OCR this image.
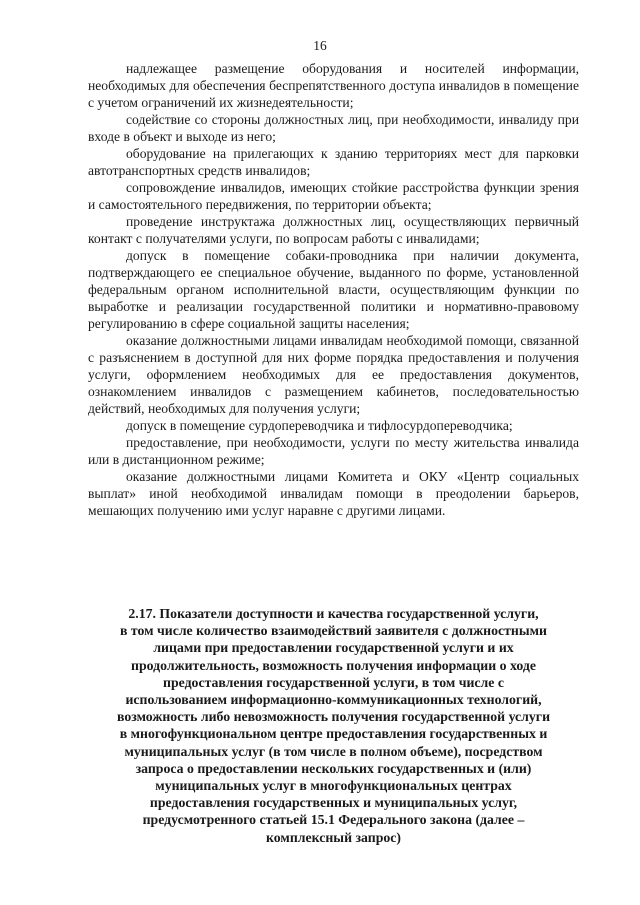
16

надлежащее размещение оборудования и носителей информации, необходимых для обеспечения беспрепятственного доступа инвалидов в помещение с учетом ограничений их жизнедеятельности;

содействие со стороны должностных лиц, при необходимости, инвалиду при входе в объект и выходе из него;

оборудование на прилегающих к зданию территориях мест для парковки автотранспортных средств инвалидов;

сопровождение инвалидов, имеющих стойкие расстройства функции зрения и самостоятельного передвижения, по территории объекта;

проведение инструктажа должностных лиц, осуществляющих первичный контакт с получателями услуги, по вопросам работы с инвалидами;

допуск в помещение собаки-проводника при наличии документа, подтверждающего ее специальное обучение, выданного по форме, установленной федеральным органом исполнительной власти, осуществляющим функции по выработке и реализации государственной политики и нормативно-правовому регулированию в сфере социальной защиты населения;

оказание должностными лицами инвалидам необходимой помощи, связанной с разъяснением в доступной для них форме порядка предоставления и получения услуги, оформлением необходимых для ее предоставления документов, ознакомлением инвалидов с размещением кабинетов, последовательностью действий, необходимых для получения услуги;

допуск в помещение сурдопереводчика и тифлосурдопереводчика;

предоставление, при необходимости, услуги по месту жительства инвалида или в дистанционном режиме;

оказание должностными лицами Комитета и ОКУ «Центр социальных выплат» иной необходимой инвалидам помощи в преодолении барьеров, мешающих получению ими услуг наравне с другими лицами.

2.17. Показатели доступности и качества государственной услуги,
в том числе количество взаимодействий заявителя с должностными
лицами при предоставлении государственной услуги и их
продолжительность, возможность получения информации о ходе
предоставления государственной услуги, в том числе с
использованием информационно-коммуникационных технологий,
возможность либо невозможность получения государственной услуги
в многофункциональном центре предоставления государственных и
муниципальных услуг (в том числе в полном объеме), посредством
запроса о предоставлении нескольких государственных и (или)
муниципальных услуг в многофункциональных центрах
предоставления государственных и муниципальных услуг,
предусмотренного статьей 15.1 Федерального закона (далее –
комплексный запрос)
